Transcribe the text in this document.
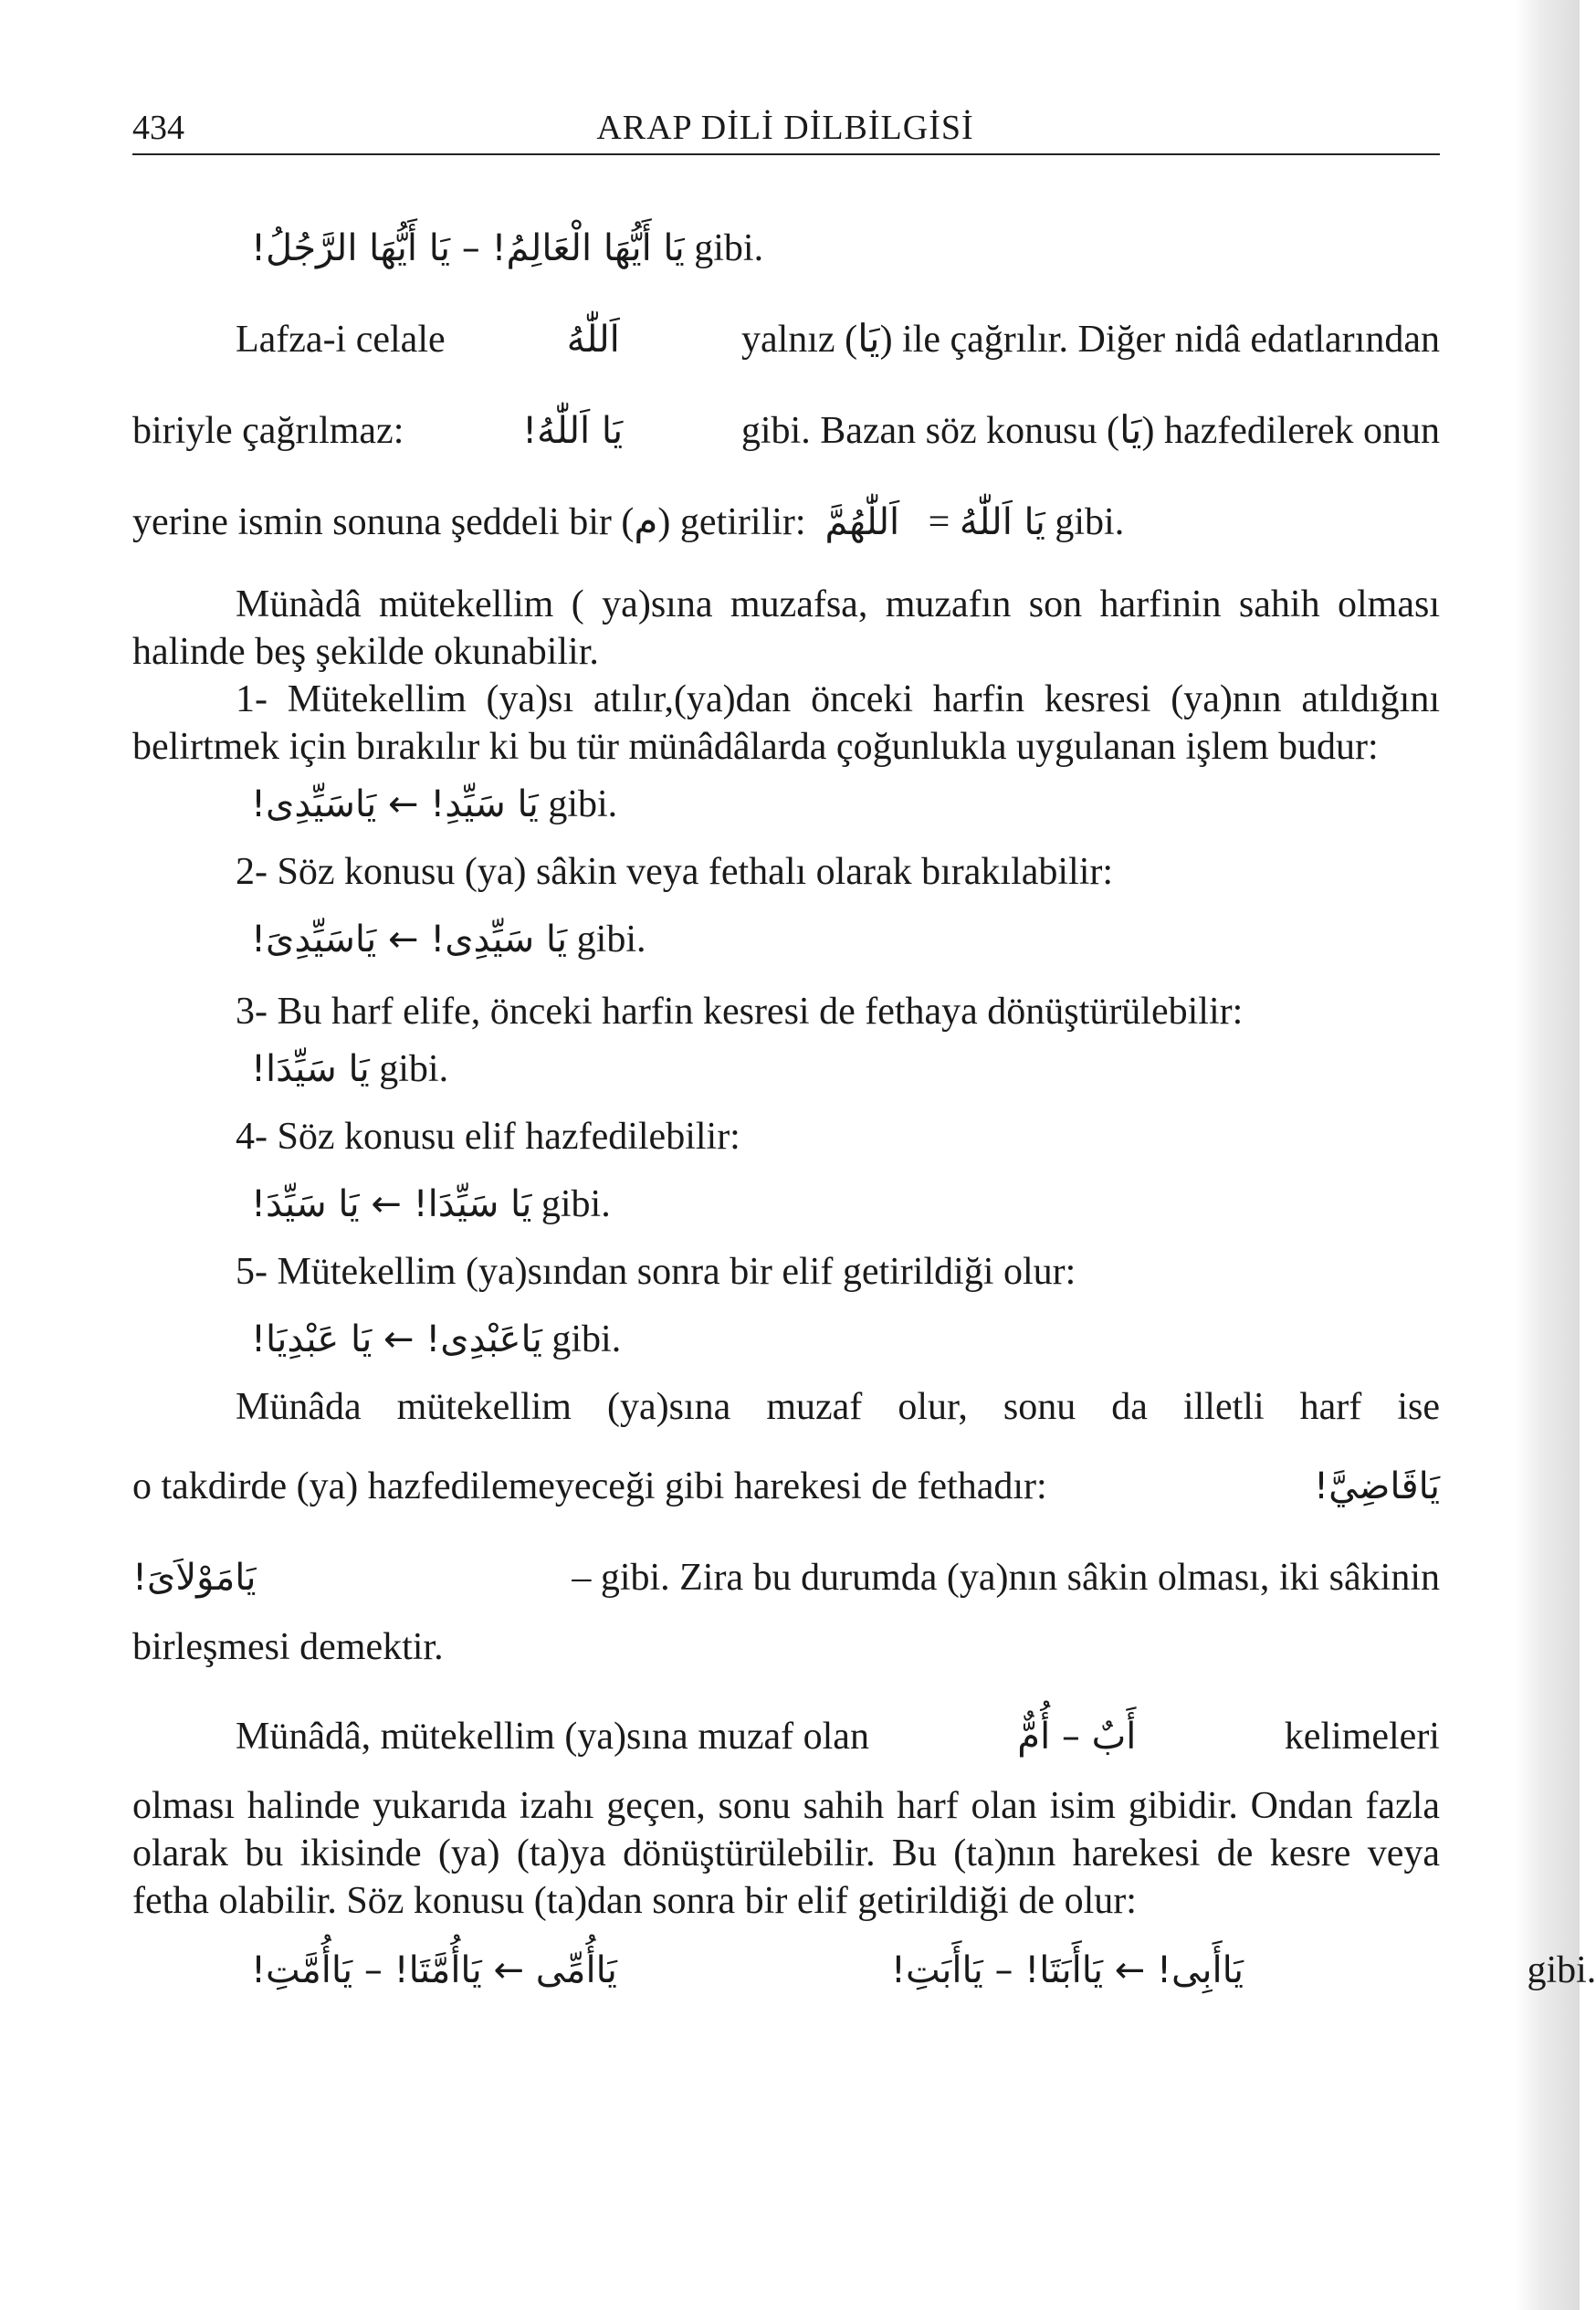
434	ARAP DİLİ DİLBİLGİSİ
يَا أَيُّهَا الْعَالِمُ! – يَا أَيُّهَا الرَّجُلُ!
gibi.
Lafza-i celale	اَللّٰهُ	yalnız (يَا) ile çağrılır. Diğer nidâ edatlarından
biriyle çağrılmaz:	يَا اَللّٰهُ!	gibi. Bazan söz konusu (يَا) hazfedilerek onun
yerine ismin sonuna şeddeli bir (م) getirilir:
اَللّٰهُمَّ
=
يَا اَللّٰهُ
gibi.

Münàdâ mütekellim ( ya)sına muzafsa, muzafın son harfinin sahih olması halinde beş şekilde okunabilir.

1- Mütekellim (ya)sı atılır,(ya)dan önceki harfin kesresi (ya)nın atıldığını belirtmek için bırakılır ki bu tür münâdâlarda çoğunlukla uygulanan işlem budur:

يَا سَيِّدِ! ← يَاسَيِّدِى!
gibi.
2- Söz konusu (ya) sâkin veya fethalı olarak bırakılabilir:
يَا سَيِّدِى! ← يَاسَيِّدِىَ!
gibi.

3- Bu harf elife, önceki harfin kesresi de fethaya dönüştürülebilir:

يَا سَيِّدَا!
gibi.
4- Söz konusu elif hazfedilebilir:
يَا سَيِّدَا! ← يَا سَيِّدَ!
gibi.
5- Mütekellim (ya)sından sonra bir elif getirildiği olur:
يَاعَبْدِى! ← يَا عَبْدِيَا!
gibi.
Münâda mütekellim (ya)sına muzaf olur, sonu da illetli harf ise
o takdirde (ya) hazfedilemeyeceği gibi harekesi de fethadır:	يَاقَاضِيَّ!
يَامَوْلاَىَ!	– gibi. Zira bu durumda (ya)nın sâkin olması, iki sâkinin
birleşmesi demektir.
Münâdâ, mütekellim (ya)sına muzaf olan	أَبٌ – أُمٌّ	kelimeleri

olması halinde yukarıda izahı geçen, sonu sahih harf olan isim gibidir. Ondan fazla olarak bu ikisinde (ya) (ta)ya dönüştürülebilir. Bu (ta)nın harekesi de kesre veya fetha olabilir. Söz konusu (ta)dan sonra bir elif getirildiği de olur:

يَاأُمِّى ← يَاأُمَّتَا! – يَاأُمَّتِ!	يَاأَبِى! ← يَاأَبَتَا! – يَاأَبَتِ!
	gibi.
